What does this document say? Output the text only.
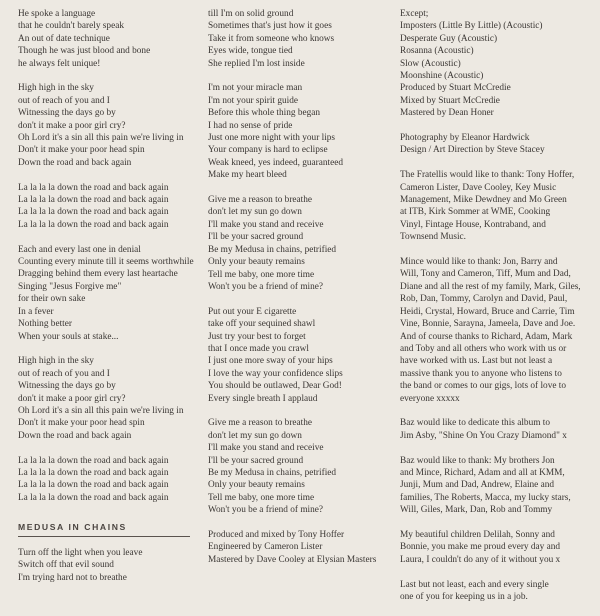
He spoke a language
that he couldn't barely speak
An out of date technique
Though he was just blood and bone
he always felt unique!
High high in the sky
out of reach of you and I
Witnessing the days go by
don't it make a poor girl cry?
Oh Lord it's a sin all this pain we're living in
Don't it make your poor head spin
Down the road and back again
La la la la down the road and back again
La la la la down the road and back again
La la la la down the road and back again
La la la la down the road and back again
Each and every last one in denial
Counting every minute till it seems worthwhile
Dragging behind them every last heartache
Singing "Jesus Forgive me"
for their own sake
In a fever
Nothing better
When your souls at stake...
High high in the sky
out of reach of you and I
Witnessing the days go by
don't it make a poor girl cry?
Oh Lord it's a sin all this pain we're living in
Don't it make your poor head spin
Down the road and back again
La la la la down the road and back again
La la la la down the road and back again
La la la la down the road and back again
La la la la down the road and back again
MEDUSA IN CHAINS
Turn off the light when you leave
Switch off that evil sound
I'm trying hard not to breathe
till I'm on solid ground
Sometimes that's just how it goes
Take it from someone who knows
Eyes wide, tongue tied
She replied I'm lost inside
I'm not your miracle man
I'm not your spirit guide
Before this whole thing began
I had no sense of pride
Just one more night with your lips
Your company is hard to eclipse
Weak kneed, yes indeed, guaranteed
Make my heart bleed
Give me a reason to breathe
don't let my sun go down
I'll make you stand and receive
I'll be your sacred ground
Be my Medusa in chains, petrified
Only your beauty remains
Tell me baby, one more time
Won't you be a friend of mine?
Put out your E cigarette
take off your sequined shawl
Just try your best to forget
that I once made you crawl
I just one more sway of your hips
I love the way your confidence slips
You should be outlawed, Dear God!
Every single breath I applaud
Give me a reason to breathe
don't let my sun go down
I'll make you stand and receive
I'll be your sacred ground
Be my Medusa in chains, petrified
Only your beauty remains
Tell me baby, one more time
Won't you be a friend of mine?
Produced and mixed by Tony Hoffer
Engineered by Cameron Lister
Mastered by Dave Cooley at Elysian Masters
Except;
Imposters (Little By Little) (Acoustic)
Desperate Guy (Acoustic)
Rosanna (Acoustic)
Slow (Acoustic)
Moonshine (Acoustic)
Produced by Stuart McCredie
Mixed by Stuart McCredie
Mastered by Dean Honer
Photography by Eleanor Hardwick
Design / Art Direction by Steve Stacey
The Fratellis would like to thank: Tony Hoffer,
Cameron Lister, Dave Cooley, Key Music
Management, Mike Dewdney and Mo Green
at ITB, Kirk Sommer at WME, Cooking
Vinyl, Fintage House, Kontraband, and
Townsend Music.
Mince would like to thank: Jon, Barry and
Will, Tony and Cameron, Tiff, Mum and Dad,
Diane and all the rest of my family, Mark, Giles,
Rob, Dan, Tommy, Carolyn and David, Paul,
Heidi, Crystal, Howard, Bruce and Carrie, Tim
Vine, Bonnie, Sarayna, Jameela, Dave and Joe.
And of course thanks to Richard, Adam, Mark
and Toby and all others who work with us or
have worked with us. Last but not least a
massive thank you to anyone who listens to
the band or comes to our gigs, lots of love to
everyone xxxxx
Baz would like to dedicate this album to
Jim Asby, "Shine On You Crazy Diamond" x
Baz would like to thank: My brothers Jon
and Mince, Richard, Adam and all at KMM,
Junji, Mum and Dad, Andrew, Elaine and
families, The Roberts, Macca, my lucky stars,
Will, Giles, Mark, Dan, Rob and Tommy
My beautiful children Delilah, Sonny and
Bonnie, you make me proud every day and
Laura, I couldn't do any of it without you x
Last but not least, each and every single
one of you for keeping us in a job.
